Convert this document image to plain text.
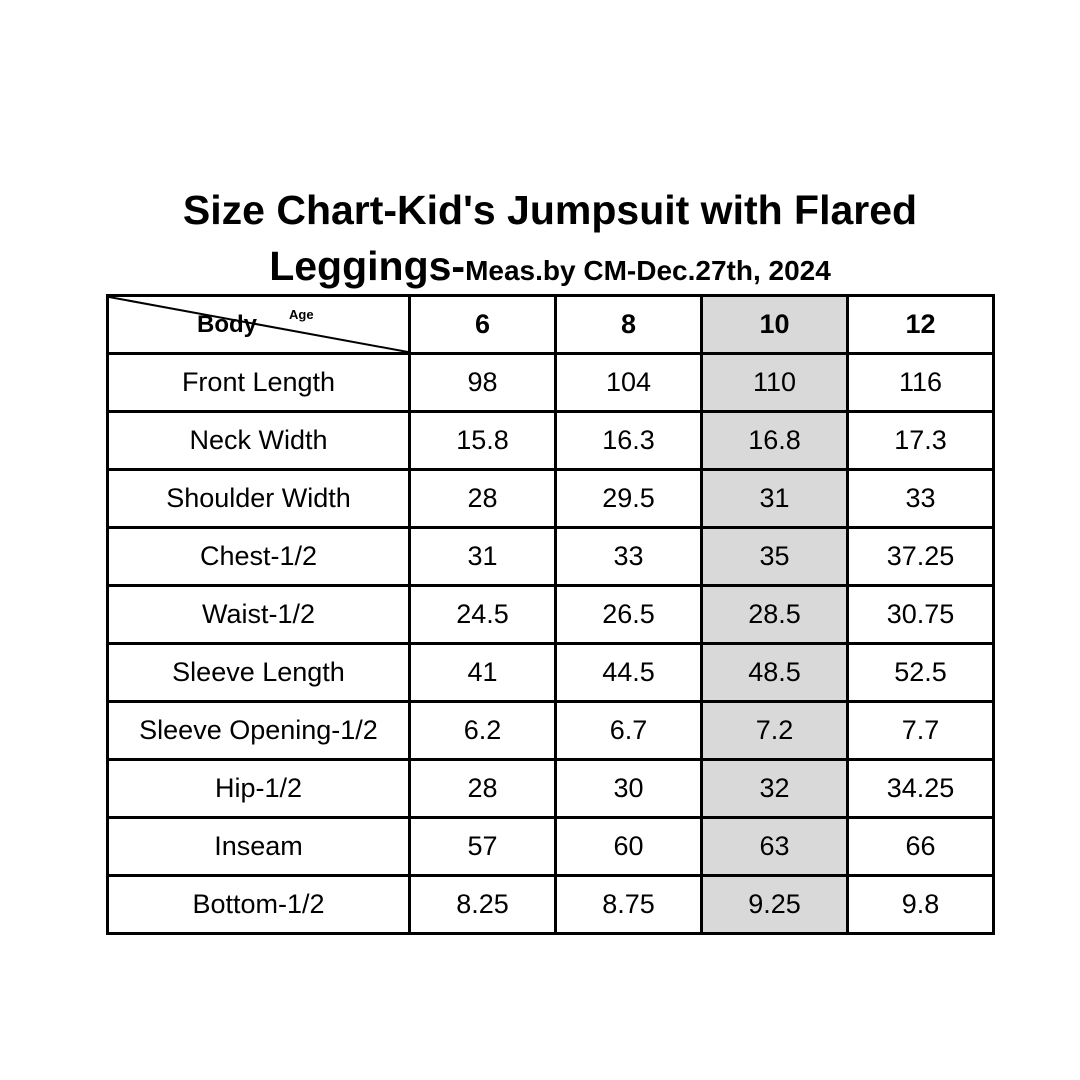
Size Chart-Kid's Jumpsuit with Flared
Leggings-Meas.by CM-Dec.27th, 2024
Body Age	6	8	10	12
Front Length	98	104	110	116
Neck Width	15.8	16.3	16.8	17.3
Shoulder Width	28	29.5	31	33
Chest-1/2	31	33	35	37.25
Waist-1/2	24.5	26.5	28.5	30.75
Sleeve Length	41	44.5	48.5	52.5
Sleeve Opening-1/2	6.2	6.7	7.2	7.7
Hip-1/2	28	30	32	34.25
Inseam	57	60	63	66
Bottom-1/2	8.25	8.75	9.25	9.8
